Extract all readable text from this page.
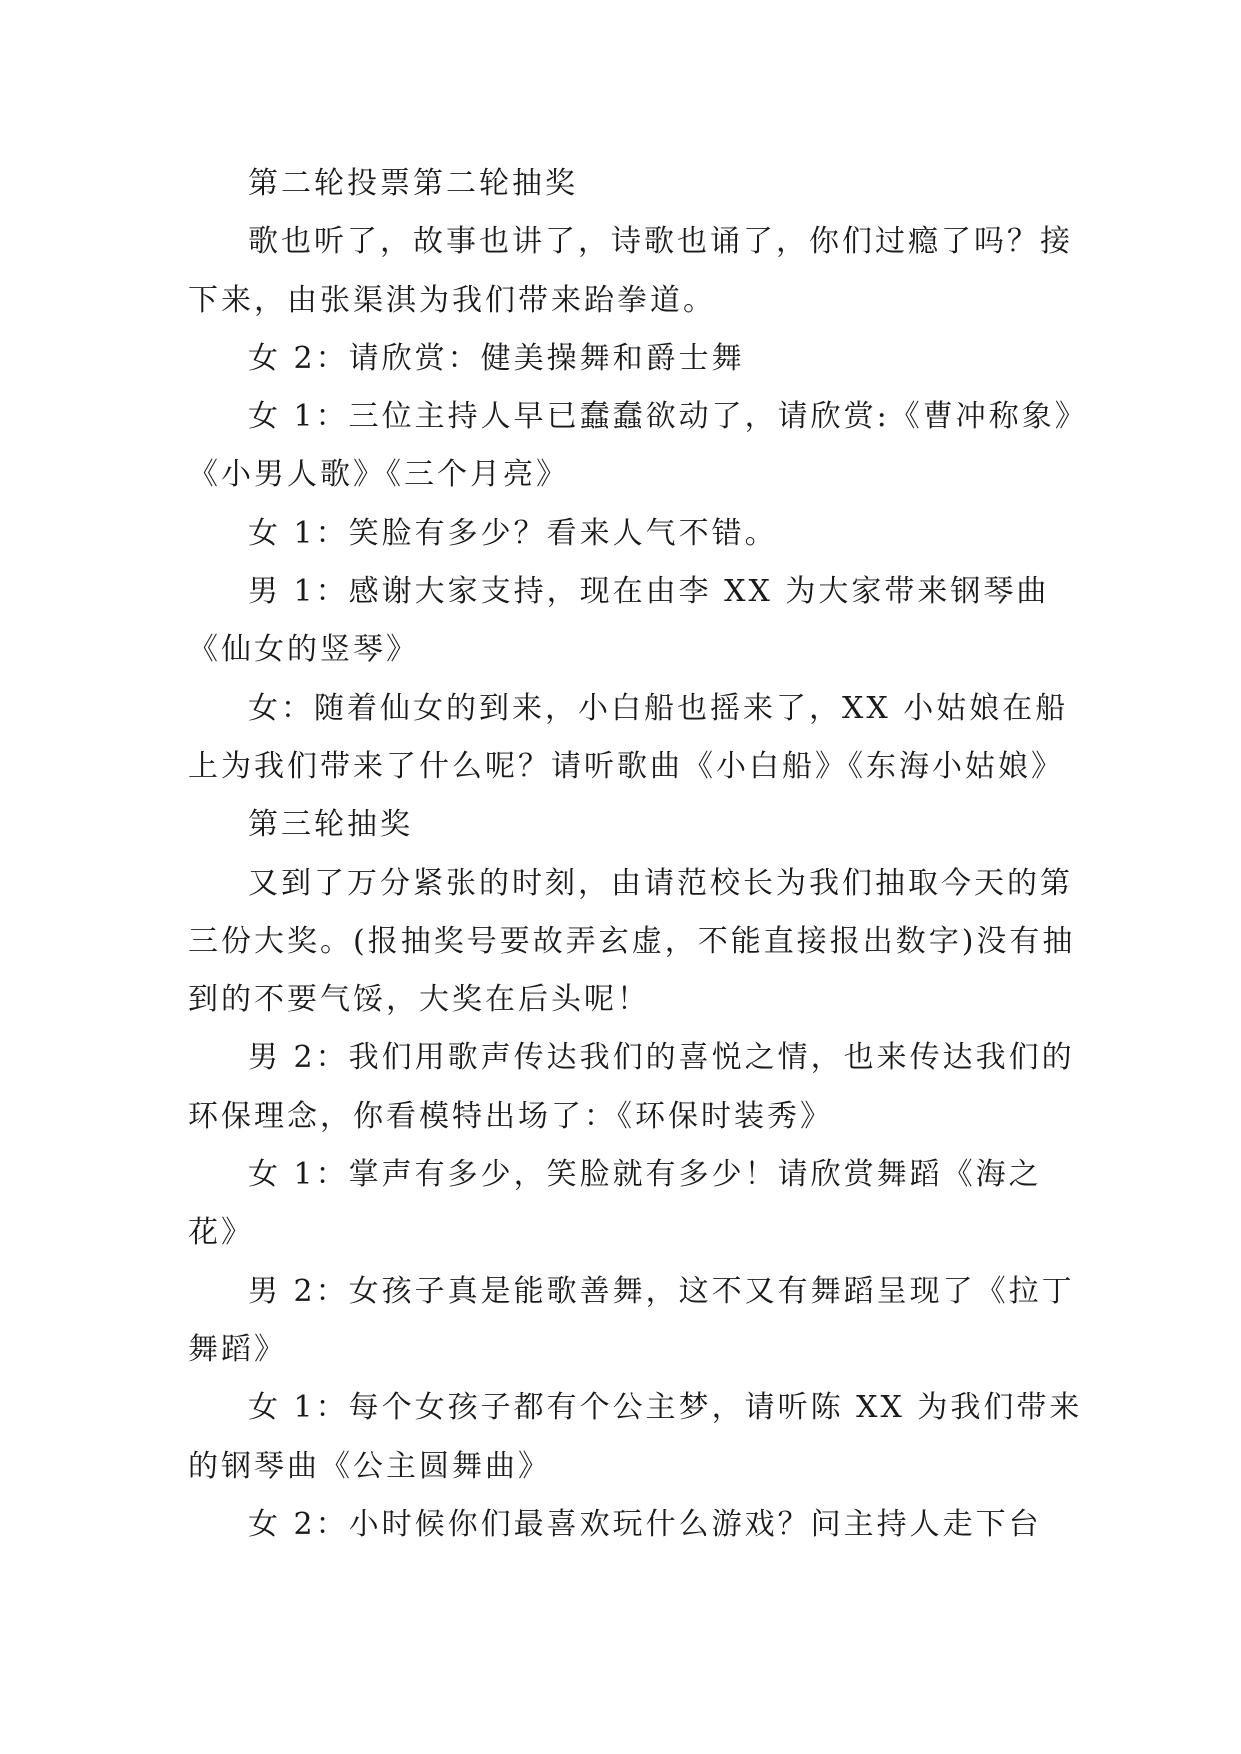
第二轮投票第二轮抽奖

歌也听了，故事也讲了，诗歌也诵了，你们过瘾了吗？接下来，由张渠淇为我们带来跆拳道。

女 2：请欣赏：健美操舞和爵士舞

女 1：三位主持人早已蠢蠢欲动了，请欣赏:《曹冲称象》《小男人歌》《三个月亮》

女 1：笑脸有多少？看来人气不错。

男 1：感谢大家支持，现在由李 XX 为大家带来钢琴曲《仙女的竖琴》

女：随着仙女的到来，小白船也摇来了，XX 小姑娘在船上为我们带来了什么呢？请听歌曲《小白船》《东海小姑娘》

第三轮抽奖

又到了万分紧张的时刻，由请范校长为我们抽取今天的第三份大奖。(报抽奖号要故弄玄虚，不能直接报出数字)没有抽到的不要气馁，大奖在后头呢！

男 2：我们用歌声传达我们的喜悦之情，也来传达我们的环保理念，你看模特出场了：《环保时装秀》

女 1：掌声有多少，笑脸就有多少！请欣赏舞蹈《海之花》

男 2：女孩子真是能歌善舞，这不又有舞蹈呈现了《拉丁舞蹈》

女 1：每个女孩子都有个公主梦，请听陈 XX 为我们带来的钢琴曲《公主圆舞曲》

女 2：小时候你们最喜欢玩什么游戏？问主持人走下台
